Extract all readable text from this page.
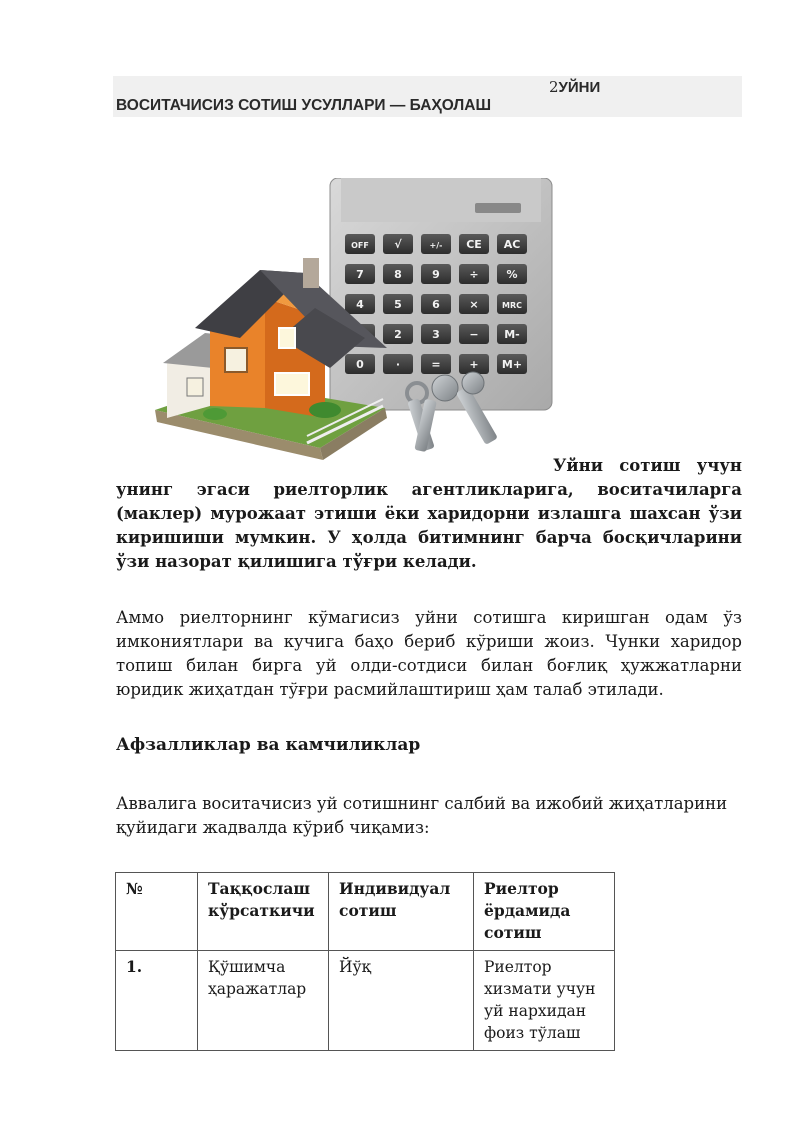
2УЙНИ
ВОСИТАЧИСИЗ СОТИШ УСУЛЛАРИ — БАҲОЛАШ
OFF √	+/- CE AC
7	8	9	÷	%
4	5	6	×	MRC
2	3	− M-
0	·	=	+ M+
Уйни сотиш учун унинг эгаси риелторлик агентликларига, воситачиларга (маклер) мурожаат этиши ёки харидорни излашга шахсан ўзи киришиши мумкин. У ҳолда битимнинг барча босқичларини ўзи назорат қилишига тўғри келади.
Аммо риелторнинг кўмагисиз уйни сотишга киришган одам ўз имкониятлари ва кучига баҳо бериб кўриши жоиз. Чунки харидор топиш билан бирга уй олди-сотдиси билан боғлиқ ҳужжатларни юридик жиҳатдан тўғри расмийлаштириш ҳам талаб этилади.
Афзалликлар ва камчиликлар
Аввалига воситачисиз уй сотишнинг салбий ва ижобий жиҳатларини қуйидаги жадвалда кўриб чиқамиз:
№	Таққослаш кўрсаткичи	Индивидуал сотиш	Риелтор ёрдамида сотиш
1.	Қўшимча ҳаражатлар	Йўқ	Риелтор хизмати учун уй нархидан фоиз тўлаш
